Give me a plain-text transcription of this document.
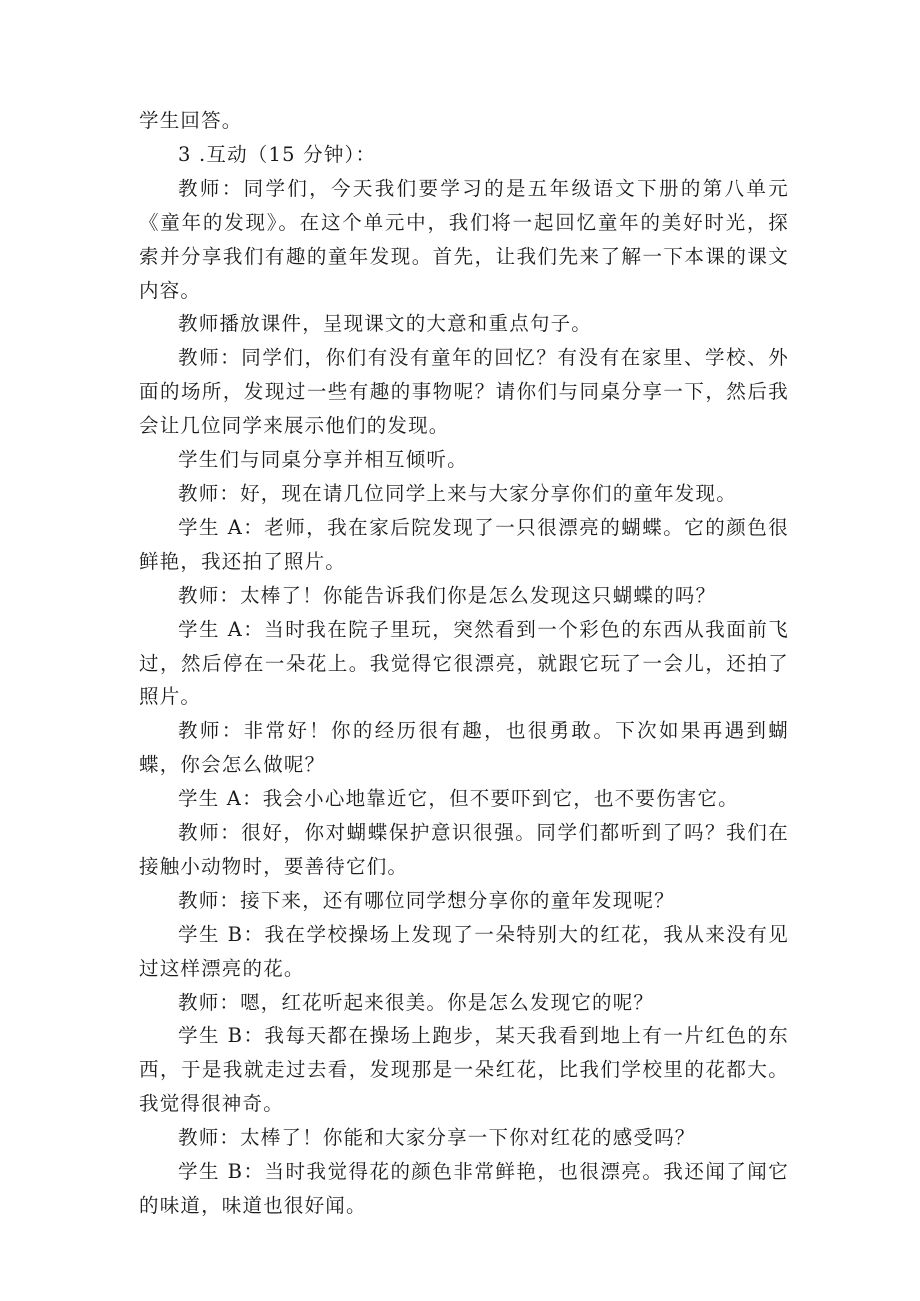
学生回答。

3 .互动（15 分钟）：

教师：同学们，今天我们要学习的是五年级语文下册的第八单元《童年的发现》。在这个单元中，我们将一起回忆童年的美好时光，探索并分享我们有趣的童年发现。首先，让我们先来了解一下本课的课文内容。

教师播放课件，呈现课文的大意和重点句子。

教师：同学们，你们有没有童年的回忆？有没有在家里、学校、外面的场所，发现过一些有趣的事物呢？请你们与同桌分享一下，然后我会让几位同学来展示他们的发现。

学生们与同桌分享并相互倾听。

教师：好，现在请几位同学上来与大家分享你们的童年发现。

学生 A：老师，我在家后院发现了一只很漂亮的蝴蝶。它的颜色很鲜艳，我还拍了照片。

教师：太棒了！你能告诉我们你是怎么发现这只蝴蝶的吗？

学生 A：当时我在院子里玩，突然看到一个彩色的东西从我面前飞过，然后停在一朵花上。我觉得它很漂亮，就跟它玩了一会儿，还拍了照片。

教师：非常好！你的经历很有趣，也很勇敢。下次如果再遇到蝴蝶，你会怎么做呢？

学生 A：我会小心地靠近它，但不要吓到它，也不要伤害它。

教师：很好，你对蝴蝶保护意识很强。同学们都听到了吗？我们在接触小动物时，要善待它们。

教师：接下来，还有哪位同学想分享你的童年发现呢？

学生 B：我在学校操场上发现了一朵特别大的红花，我从来没有见过这样漂亮的花。

教师：嗯，红花听起来很美。你是怎么发现它的呢？

学生 B：我每天都在操场上跑步，某天我看到地上有一片红色的东西，于是我就走过去看，发现那是一朵红花，比我们学校里的花都大。我觉得很神奇。

教师：太棒了！你能和大家分享一下你对红花的感受吗？

学生 B：当时我觉得花的颜色非常鲜艳，也很漂亮。我还闻了闻它的味道，味道也很好闻。
